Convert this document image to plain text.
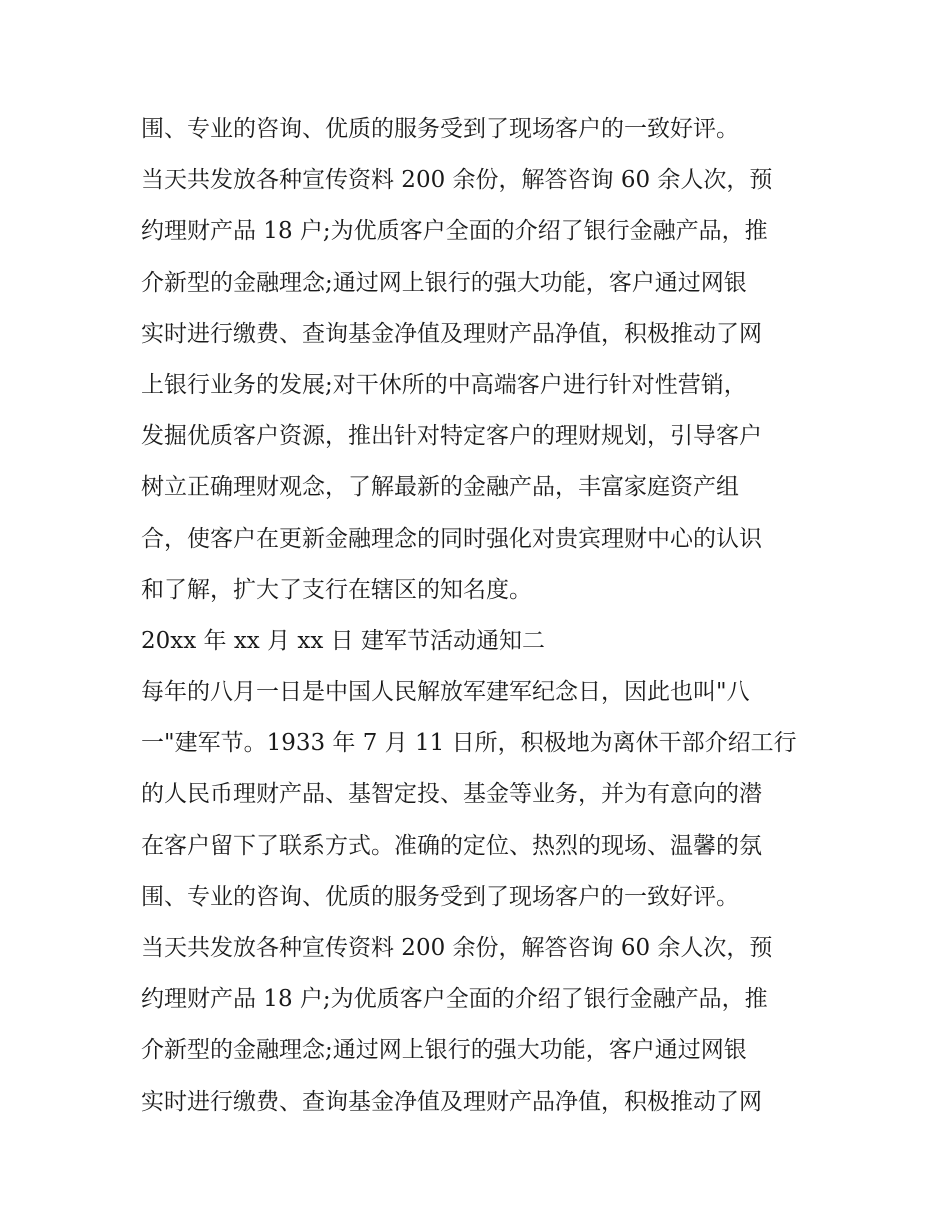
围、专业的咨询、优质的服务受到了现场客户的一致好评。
当天共发放各种宣传资料 200 余份，解答咨询 60 余人次，预
约理财产品 18 户;为优质客户全面的介绍了银行金融产品，推
介新型的金融理念;通过网上银行的强大功能，客户通过网银
实时进行缴费、查询基金净值及理财产品净值，积极推动了网
上银行业务的发展;对干休所的中高端客户进行针对性营销，
发掘优质客户资源，推出针对特定客户的理财规划，引导客户
树立正确理财观念，了解最新的金融产品，丰富家庭资产组
合，使客户在更新金融理念的同时强化对贵宾理财中心的认识
和了解，扩大了支行在辖区的知名度。
20xx 年 xx 月 xx 日 建军节活动通知二
每年的八月一日是中国人民解放军建军纪念日，因此也叫"八
一"建军节。1933 年 7 月 11 日所，积极地为离休干部介绍工行
的人民币理财产品、基智定投、基金等业务，并为有意向的潜
在客户留下了联系方式。准确的定位、热烈的现场、温馨的氛
围、专业的咨询、优质的服务受到了现场客户的一致好评。
当天共发放各种宣传资料 200 余份，解答咨询 60 余人次，预
约理财产品 18 户;为优质客户全面的介绍了银行金融产品，推
介新型的金融理念;通过网上银行的强大功能，客户通过网银
实时进行缴费、查询基金净值及理财产品净值，积极推动了网
